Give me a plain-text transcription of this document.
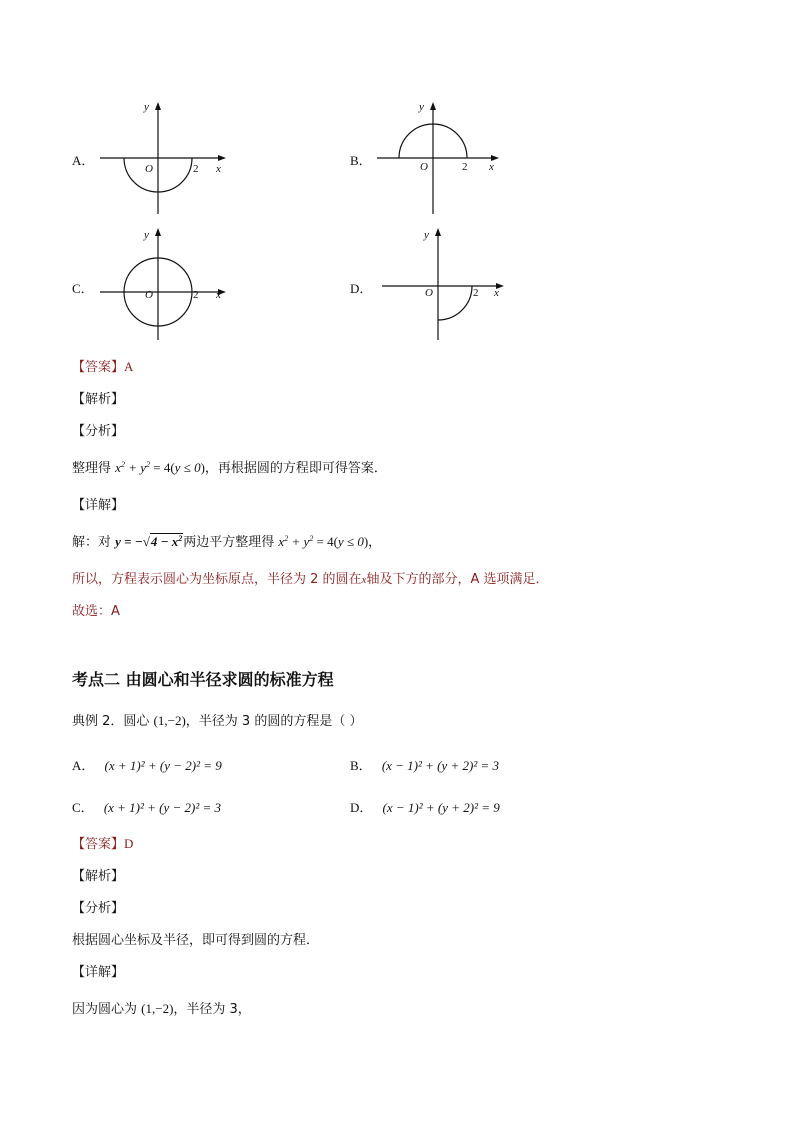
A．
y
x
O	2
B．
y
x
O	2
C．
y
x
O	2	D．
y
x
O	2
【答案】A
【解析】
【分析】
整理得 $x^2 + y^2 = 4(y \le 0)$，再根据圆的方程即可得答案．
【详解】
解：对 $y = -√4 - x^2$两边平方整理得 $x^2 + y^2 = 4(y \le 0)$，
所以，方程表示圆心为坐标原点，半径为 2 的圆在x轴及下方的部分，A 选项满足．
故选：A
考点二 由圆心和半径求圆的标准方程
典例 2．圆心 (1,−2)，半径为 3 的圆的方程是（ ）
A． (x + 1)² + (y − 2)² = 9	B． (x − 1)² + (y + 2)² = 3
C． (x + 1)² + (y − 2)² = 3	D． (x − 1)² + (y + 2)² = 9
【答案】D
【解析】
【分析】
根据圆心坐标及半径，即可得到圆的方程．
【详解】
因为圆心为 (1,−2)，半径为 3，
